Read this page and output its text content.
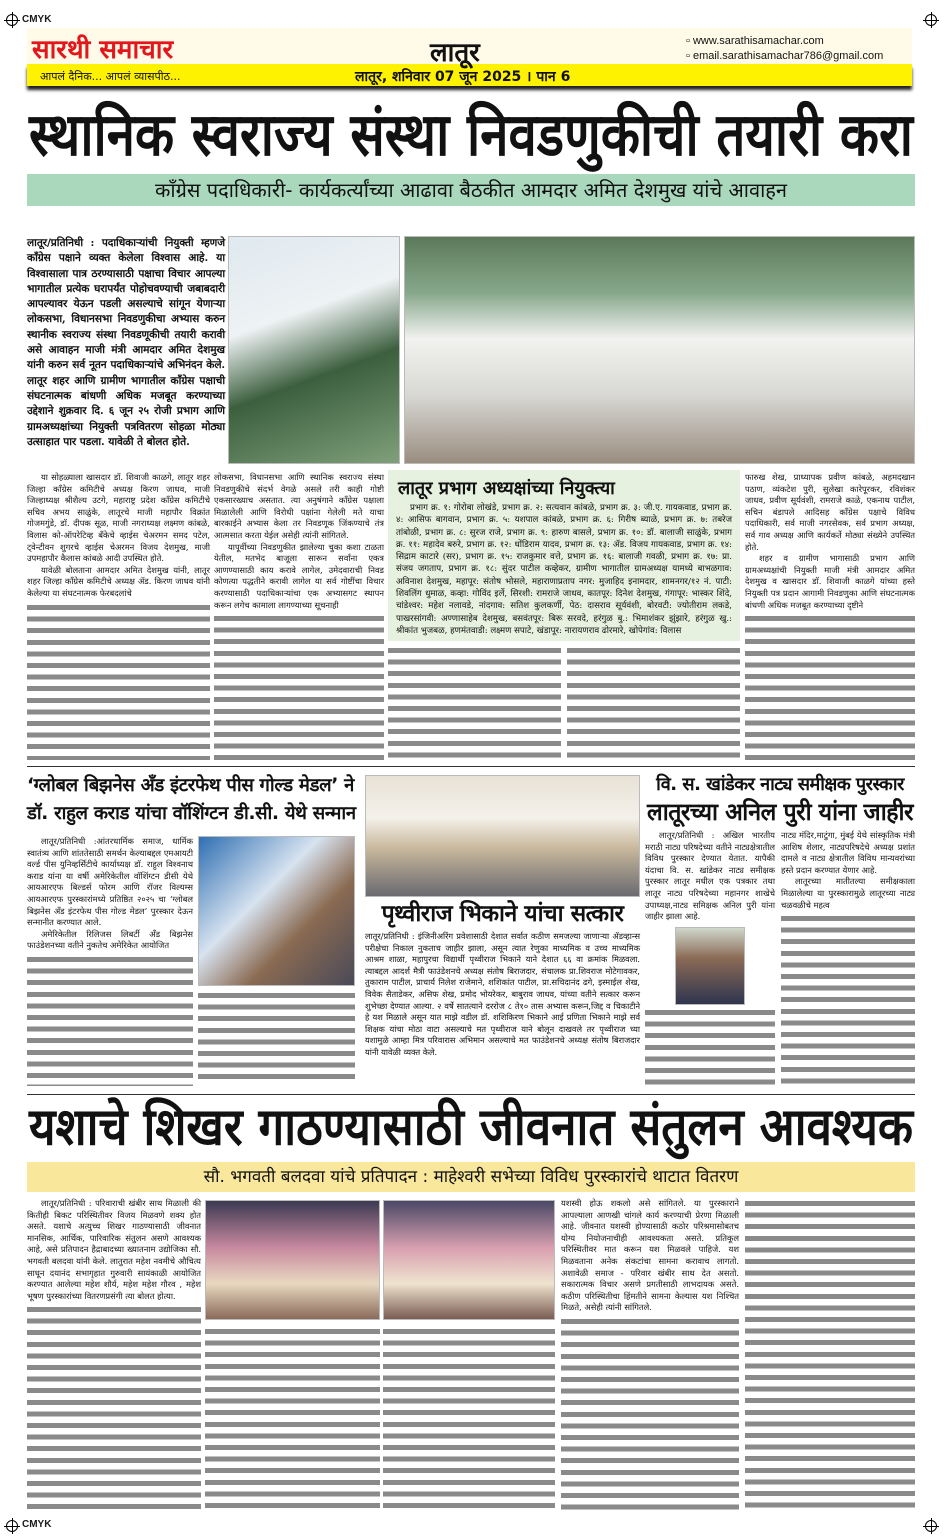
CMYK
सारथी समाचार	लातूर	▫ www.sarathisamachar.com
▫ email.sarathisamachar786@gmail.com
आपलं दैनिक... आपलं व्यासपीठ...	लातूर, शनिवार 07 जून 2025 । पान 6
स्थानिक स्वराज्य संस्था निवडणुकीची तयारी करा
काँग्रेस पदाधिकारी- कार्यकर्त्यांच्या आढावा बैठकीत आमदार अमित देशमुख यांचे आवाहन
लातूर/प्रतिनिधी : पदाधिकाऱ्यांची नियुक्ती म्हणजे काँग्रेस पक्षाने व्यक्त केलेला विश्वास आहे. या विश्वासाला पात्र ठरण्यासाठी पक्षाचा विचार आपल्या भागातील प्रत्येक घरापर्यंत पोहोचवण्याची जबाबदारी आपल्यावर येऊन पडली असल्याचे सांगून येणाऱ्या लोकसभा, विधानसभा निवडणुकीचा अभ्यास करुन स्थानीक स्वराज्य संस्था निवडणूकीची तयारी करावी असे आवाहन माजी मंत्री आमदार अमित देशमुख यांनी करुन सर्व नूतन पदाधिकाऱ्यांचे अभिनंदन केले. लातूर शहर आणि ग्रामीण भागातील काँग्रेस पक्षाची संघटनात्मक बांधणी अधिक मजबूत करण्याच्या उद्देशाने शुक्रवार दि. ६ जून २५ रोजी प्रभाग आणि ग्रामअध्यक्षांच्या नियुक्ती पत्रवितरण सोहळा मोठ्या उत्साहात पार पडला. यावेळी ते बोलत होते.

या सोहळ्याला खासदार डॉ. शिवाजी काळगे, लातूर शहर जिल्हा काँग्रेस कमिटीचे अध्यक्ष किरण जाधव, माजी जिल्हाध्यक्ष श्रीशैल्य उटगे, महाराष्ट्र प्रदेश काँग्रेस कमिटीचे सचिव अभय साळुंके, लातूरचे माजी महापौर विक्रांत गोजमगुंडे, डॉ. दीपक सूळ, माजी नगराध्यक्ष लक्ष्मण कांबळे, विलास को-ऑपरेटिव्ह बँकेचे व्हाईस चेअरमन समद पटेल, ट्वेन्टीवन शुगरचे व्हाईस चेअरमन विजय देशमुख, माजी उपमहापौर कैलास कांबळे आदी उपस्थित होते.

यावेळी बोलताना आमदार अमित देशमुख यांनी, लातूर शहर जिल्हा काँग्रेस कमिटीचे अध्यक्ष ॲड. किरण जाधव यांनी केलेल्या या संघटनात्मक फेरबदलांचे

लोकसभा, विधानसभा आणि स्थानिक स्वराज्य संस्था निवडणुकीचे संदर्भ वेगळे असले तरी काही गोष्टी एकसारख्याच असतात. त्या अनुषंगाने काँग्रेस पक्षाला मिळालेली आणि विरोधी पक्षांना गेलेली मते याचा बारकाईने अभ्यास केला तर निवडणूक जिंकण्याचे तंत्र आत्मसात करता येईल असेही त्यांनी सांगितले.

यापूर्वीच्या निवडणुकीत झालेल्या चुका कशा टाळता येतील, मतभेद बाजूला सारून सर्वांना एकत्र आणण्यासाठी काय करावे लागेल, उमेदवाराची निवड कोणत्या पद्धतीने करावी लागेल या सर्व गोष्टींचा विचार करण्यासाठी पदाधिकाऱ्यांचा एक अभ्यासगट स्थापन करून लगेच कामाला लागण्याच्या सूचनाही

लातूर प्रभाग अध्यक्षांच्या नियुक्त्या

प्रभाग क्र. १: गोरोबा लोखंडे, प्रभाग क्र. २: सत्यवान कांबळे, प्रभाग क्र. ३: जी.ए. गायकवाड, प्रभाग क्र. ४: आसिफ बागवान, प्रभाग क्र. ५: यशपाल कांबळे, प्रभाग क्र. ६: गिरीष ब्याळे, प्रभाग क्र. ७: तबरेज तांबोळी, प्रभाग क्र. ८: सुरज राजे, प्रभाग क्र. ९: हारुण बासले, प्रभाग क्र. १०: डॉ. बालाजी साळुंके, प्रभाग क्र. ११: महादेव बरुरे, प्रभाग क्र. १२: धोंडिराम यादव, प्रभाग क्र. १३: ॲड. विजय गायकवाड, प्रभाग क्र. १४: सिद्राम काटारे (सर), प्रभाग क्र. १५: राजकुमार वत्ते, प्रभाग क्र. १६: बालाजी गवळी, प्रभाग क्र. १७: प्रा. संजय जगताप, प्रभाग क्र. १८: सुंदर पाटील कव्हेकर, ग्रामीण भागातील ग्रामअध्यक्ष यामध्ये बाभळगाव: अविनाश देशमुख, महापूर: संतोष भोसले, महाराणाप्रताप नगर: मुजाहिद इनामदार, शामनगर/१२ नं. पाटी: शिवलिंग धुमाळ, कव्हा: गोविंद इर्ले, सिरशी: रामराजे जाधव, कातपूर: दिनेश देशमुख, गंगापूर: भास्कर शिंदे, चांडेश्वर: महेश नलावडे, नांदगाव: सतिश कुलकर्णी, पेठ: दासराव सूर्यवंशी, बोरवटी: ज्योतीराम लकडे, पाखरसांगवी: अण्णासाहेब देशमुख, बसवंतपूर: बिरू सरवदे, हरंगुळ बु.: भिमाशंकर झुंझारे, हरंगुळ खु.: श्रीकांत भुजबळ, हणमंतवाडी: लक्ष्मण सपाटे, खंडापूर: नारायणराव ढोरमारे, खोपेगांव: विलास

फारुख शेख, प्राध्यापक प्रवीण कांबळे, अहमदखान पठाण, व्यंकटेश पुरी, सुलेखा कारेपूरकर, रविशंकर जाधव, प्रवीण सूर्यवंशी, रामराजे काळे, एकनाथ पाटील, सचिन बंडापले आदिसह काँग्रेस पक्षाचे विविध पदाधिकारी, सर्व माजी नगरसेवक, सर्व प्रभाग अध्यक्ष, सर्व गाव अध्यक्ष आणि कार्यकर्ते मोठ्या संख्येने उपस्थित होते.

शहर व ग्रामीण भागासाठी प्रभाग आणि ग्रामअध्यक्षांची नियुक्ती माजी मंत्री आमदार अमित देशमुख व खासदार डॉ. शिवाजी काळगे यांच्या हस्ते नियुक्ती पत्र प्रदान आगामी निवडणुका आणि संघटनात्मक बांधणी अधिक मजबूत करण्याच्या दृष्टीने

‘ग्लोबल बिझनेस अँड इंटरफेथ पीस गोल्ड मेडल’ ने डॉ. राहुल कराड यांचा वॉशिंग्टन डी.सी. येथे सन्मान

लातूर/प्रतिनिधी :आंतरधार्मिक समाज, धार्मिक स्वातंत्र्य आणि शांततेसाठी समर्थन केल्याबद्दल एमआयटी वर्ल्ड पीस युनिव्हर्सिटीचे कार्याध्यक्ष डॉ. राहुल विश्वनाथ कराड यांना या वर्षी अमेरिकेतील वॉशिंग्टन डीसी येथे आयआरएफ बिल्डर्स फोरम आणि रॉजर विल्यम्स आयआरएफ पुरस्कारांमध्ये प्रतिष्ठित २०२५ चा ‘ग्लोबल बिझनेस अँड इंटरफेथ पीस गोल्ड मेडल’ पुरस्कार देऊन सन्मानीत करण्यात आले.

अमेरिकेतील रिलिजस लिबर्टी अँड बिझनेस फाउंडेशनच्या वतीने नुकतेच अमेरिकेत आयोजित

पृथ्वीराज भिकाने यांचा सत्कार
लातूर/प्रतिनिधी : इंजिनीअरिंग प्रवेशासाठी देशात सर्वात कठीण समजल्या जाणाऱ्या ॲडव्हान्स परीक्षेचा निकाल नुकताच जाहीर झाला, असून त्यात रेणुका माध्यमिक व उच्च माध्यमिक आश्रम शाळा, महापुरचा विद्यार्थी पृथ्वीराज भिकाने याने देशात ६६ वा क्रमांक मिळवला. त्याबद्दल आदर्श मैत्री फाउंडेशनचे अध्यक्ष संतोष बिराजदार, संचालक प्रा.शिवराज मोटेगावकर, तुकाराम पाटील, प्राचार्य निलेश राजेमाने, शशिकांत पाटील, प्रा.सचिदानंद ढगे, इस्माईल शेख, विवेक सैताडेकर, असिफ शेख, प्रमोद भोयरेकर, बाबुराव जाधव, यांच्या वतीने सत्कार करून शुभेच्छा देण्यात आल्या. २ वर्षे सातत्याने दररोज ८ ते१० तास अभ्यास करून,जिद्द व चिकाटीने हे यश मिळाले असून यात माझे वडील डॉ. शशिकिरण भिकाने आई प्रणिता भिकाने माझे सर्व शिक्षक यांचा मोठा वाटा असल्याचे मत पृथ्वीराज याने बोलून दाखवले तर पृथ्वीराज च्या यशामुळे आम्हा मित्र परिवारास अभिमान असल्याचे मत फाउंडेशनचे अध्यक्ष संतोष बिराजदार यांनी यावेळी व्यक्त केले.
वि. स. खांडेकर नाट्य समीक्षक पुरस्कार
लातूरच्या अनिल पुरी यांना जाहीर

लातूर/प्रतिनिधी : अखिल भारतीय मराठी नाट्य परिषदेच्या वतीने नाट्यक्षेत्रातील विविध पुरस्कार देण्यात येतात. यापैकी यंदाचा वि. स. खांडेकर नाट्य समीक्षक पुरस्कार लातूर मधील एक पत्रकार तथा लातूर नाट्य परिषदेच्या महानगर शाखेचे उपाध्यक्ष,नाट्य समिक्षक अनिल पुरी यांना जाहीर झाला आहे.

नाट्य मंदिर,माटुंगा, मुंबई येथे सांस्कृतिक मंत्री आशिष शेलार, नाट्यपरिषदेचे अध्यक्ष प्रशांत दामले व नाट्य क्षेत्रातील विविध मान्यवरांच्या हस्ते प्रदान करण्यात येणार आहे.

लातूरच्या मातीतल्या समीक्षकाला मिळालेल्या या पुरस्कारामुळे लातूरच्या नाट्य चळवळीचे महत्व

यशाचे शिखर गाठण्यासाठी जीवनात संतुलन आवश्यक
सौ. भगवती बलदवा यांचे प्रतिपादन : माहेश्वरी सभेच्या विविध पुरस्कारांचे थाटात वितरण

लातूर/प्रतिनिधी : परिवाराची खंबीर साथ मिळाली की कितीही बिकट परिस्थितीवर विजय मिळवणे शक्य होत असते. यशाचे अत्युच्च शिखर गाठण्यासाठी जीवनात मानसिक, आर्थिक, पारिवारिक संतुलन असणे आवश्यक आहे, असे प्रतिपादन हैद्राबादच्या ख्यातनाम उद्योजिका सौ. भगवती बलदवा यांनी केले. लातुरात महेश नवमीचे औचित्य साधून दयानंद सभागृहात गुरुवारी सायंकाळी आयोजित करण्यात आलेल्या महेश शौर्य, महेश महेश गौरव , महेश भूषण पुरस्कारांच्या वितरणप्रसंगी त्या बोलत होत्या.

यशस्वी होऊ शकलो असे सांगितले. या पुरस्काराने आपल्याला आणखी चांगले कार्य करण्याची प्रेरणा मिळाली आहे. जीवनात यशस्वी होण्यासाठी कठोर परिश्रमासोबतच योग्य नियोजनाचीही आवश्यकता असते. प्रतिकूल परिस्थितीवर मात करून यश मिळवले पाहिजे. यश मिळवताना अनेक संकटांचा सामना करावाच लागतो. अशावेळी समाज - परिवार खंबीर साथ देत असतो. सकारात्मक विचार असणे प्रगतीसाठी लाभदायक असते. कठीण परिस्थितीचा हिंमतीने सामना केल्यास यश निश्चित मिळते, असेही त्यांनी सांगितले.

CMYK
